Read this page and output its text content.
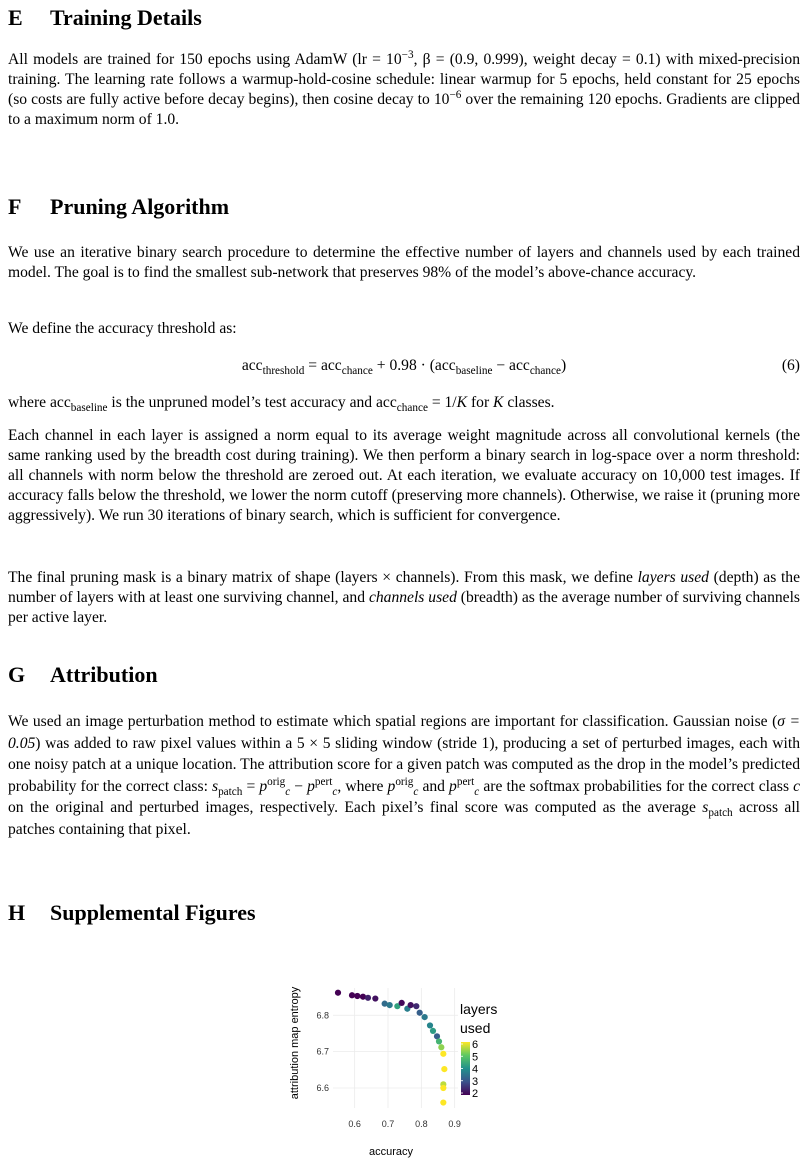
E Training Details

All models are trained for 150 epochs using AdamW ($lr = 10^{-3}$, β = (0.9, 0.999), weight decay = 0.1) with mixed-precision training. The learning rate follows a warmup-hold-cosine schedule: linear warmup for 5 epochs, held constant for 25 epochs (so costs are fully active before decay begins), then cosine decay to $10^{-6}$ over the remaining 120 epochs. Gradients are clipped to a maximum norm of 1.0.

F Pruning Algorithm

We use an iterative binary search procedure to determine the effective number of layers and channels used by each trained model. The goal is to find the smallest sub-network that preserves 98% of the model’s above-chance accuracy.

We define the accuracy threshold as:

acc$_{threshold}$ = acc$_{chance}$ + 0.98 · (acc$_{baseline}$ − acc$_{chance}$)	(6)

where acc$_{baseline}$ is the unpruned model’s test accuracy and acc$_{chance}$ = 1/K for K classes.

Each channel in each layer is assigned a norm equal to its average weight magnitude across all convolutional kernels (the same ranking used by the breadth cost during training). We then perform a binary search in log-space over a norm threshold: all channels with norm below the threshold are zeroed out. At each iteration, we evaluate accuracy on 10,000 test images. If accuracy falls below the threshold, we lower the norm cutoff (preserving more channels). Otherwise, we raise it (pruning more aggressively). We run 30 iterations of binary search, which is sufficient for convergence.

The final pruning mask is a binary matrix of shape (layers × channels). From this mask, we define layers used (depth) as the number of layers with at least one surviving channel, and channels used (breadth) as the average number of surviving channels per active layer.

G Attribution

We used an image perturbation method to estimate which spatial regions are important for classification. Gaussian noise (σ = 0.05) was added to raw pixel values within a 5 × 5 sliding window (stride 1), producing a set of perturbed images, each with one noisy patch at a unique location. The attribution score for a given patch was computed as the drop in the model’s predicted probability for the correct class: $s_{patch} = p^{orig}_c - p^{pert}_c$, where $p^{orig}_c$ and $p^{pert}_c$ are the softmax probabilities for the correct class c on the original and perturbed images, respectively. Each pixel’s final score was computed as the average $s_{patch}$ across all patches containing that pixel.

H Supplemental Figures
0.6 0.7 0.8 0.9
6.6
6.7
6.8
accuracy
attribution map entropy	layers
used
6
5
4
3
2
